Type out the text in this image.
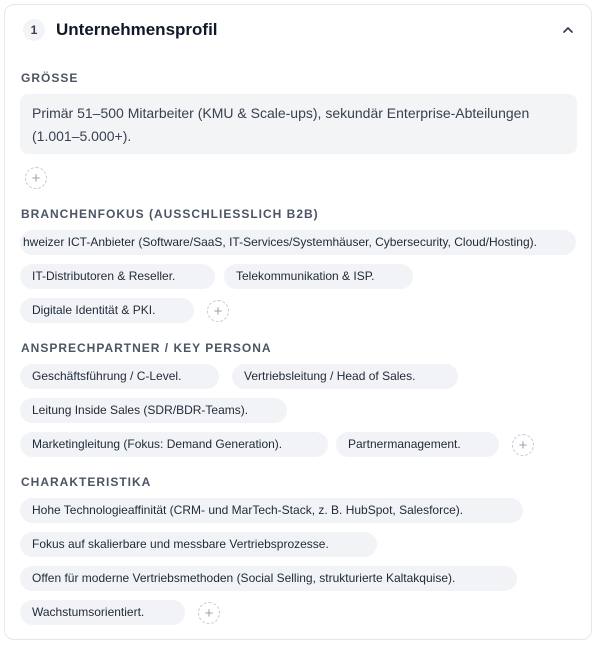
1	Unternehmensprofil
GRÖSSE
Primär 51–500 Mitarbeiter (KMU & Scale-ups), sekundär Enterprise-Abteilungen (1.001–5.000+).
+
BRANCHENFOKUS (AUSSCHLIESSLICH B2B)
hweizer ICT-Anbieter (Software/SaaS, IT-Services/Systemhäuser, Cybersecurity, Cloud/Hosting).
IT-Distributoren & Reseller.	Telekommunikation & ISP.
Digitale Identität & PKI.	+
ANSPRECHPARTNER / KEY PERSONA
Geschäftsführung / C-Level.	Vertriebsleitung / Head of Sales.
Leitung Inside Sales (SDR/BDR-Teams).
Marketingleitung (Fokus: Demand Generation).	Partnermanagement.	+
CHARAKTERISTIKA
Hohe Technologieaffinität (CRM- und MarTech-Stack, z. B. HubSpot, Salesforce).
Fokus auf skalierbare und messbare Vertriebsprozesse.
Offen für moderne Vertriebsmethoden (Social Selling, strukturierte Kaltakquise).
Wachstumsorientiert.	+
